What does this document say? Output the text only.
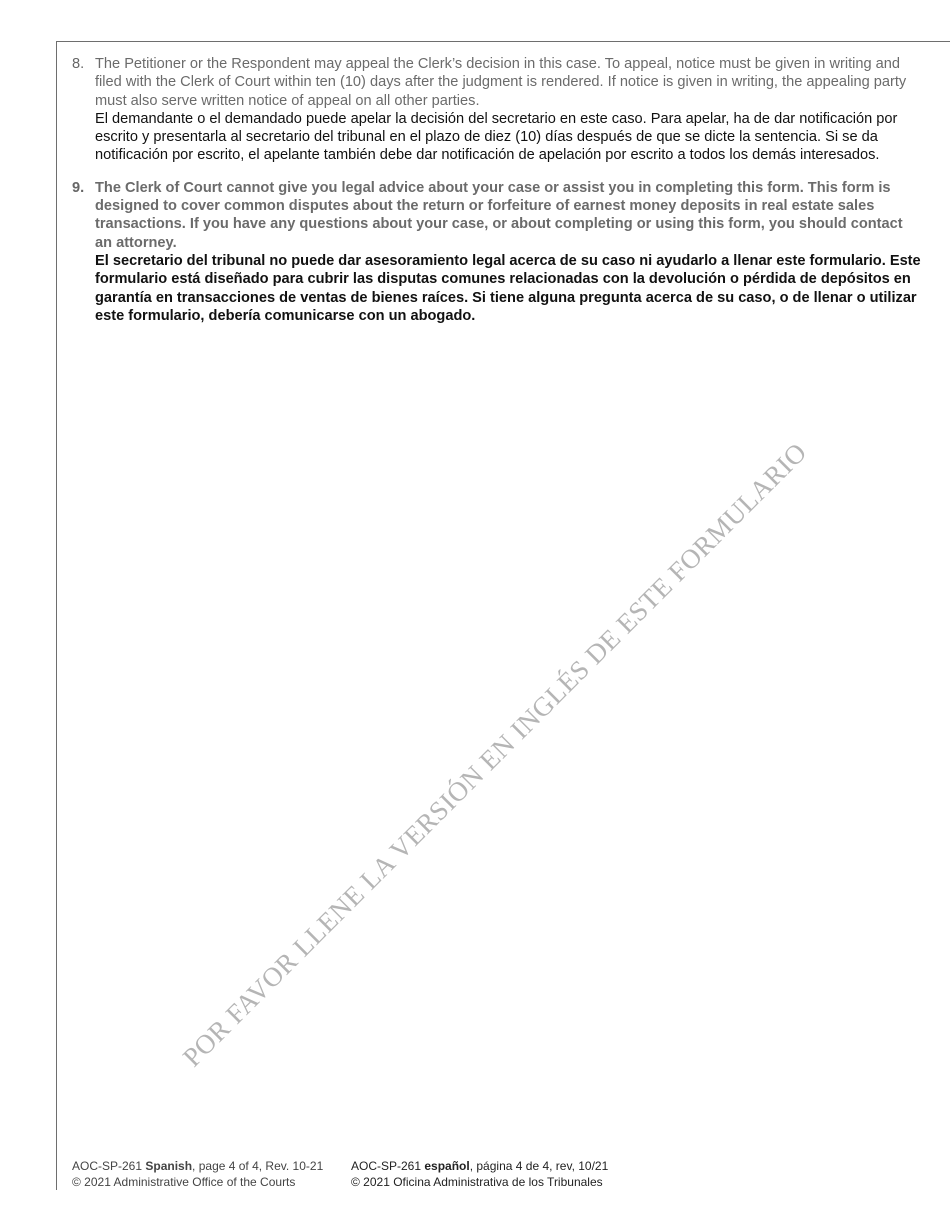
8. The Petitioner or the Respondent may appeal the Clerk’s decision in this case. To appeal, notice must be given in writing and filed with the Clerk of Court within ten (10) days after the judgment is rendered. If notice is given in writing, the appealing party must also serve written notice of appeal on all other parties.

El demandante o el demandado puede apelar la decisión del secretario en este caso. Para apelar, ha de dar notificación por escrito y presentarla al secretario del tribunal en el plazo de diez (10) días después de que se dicte la sentencia. Si se da notificación por escrito, el apelante también debe dar notificación de apelación por escrito a todos los demás interesados.

9. The Clerk of Court cannot give you legal advice about your case or assist you in completing this form. This form is designed to cover common disputes about the return or forfeiture of earnest money deposits in real estate sales transactions. If you have any questions about your case, or about completing or using this form, you should contact an attorney.

El secretario del tribunal no puede dar asesoramiento legal acerca de su caso ni ayudarlo a llenar este formulario. Este formulario está diseñado para cubrir las disputas comunes relacionadas con la devolución o pérdida de depósitos en garantía en transacciones de ventas de bienes raíces. Si tiene alguna pregunta acerca de su caso, o de llenar o utilizar este formulario, debería comunicarse con un abogado.

POR FAVOR LLENE LA VERSIÓN EN INGLÉS DE ESTE FORMULARIO
AOC-SP-261 Spanish, page 4 of 4, Rev. 10-21
© 2021 Administrative Office of the Courts
AOC-SP-261 español, página 4 de 4, rev, 10/21
© 2021 Oficina Administrativa de los Tribunales
